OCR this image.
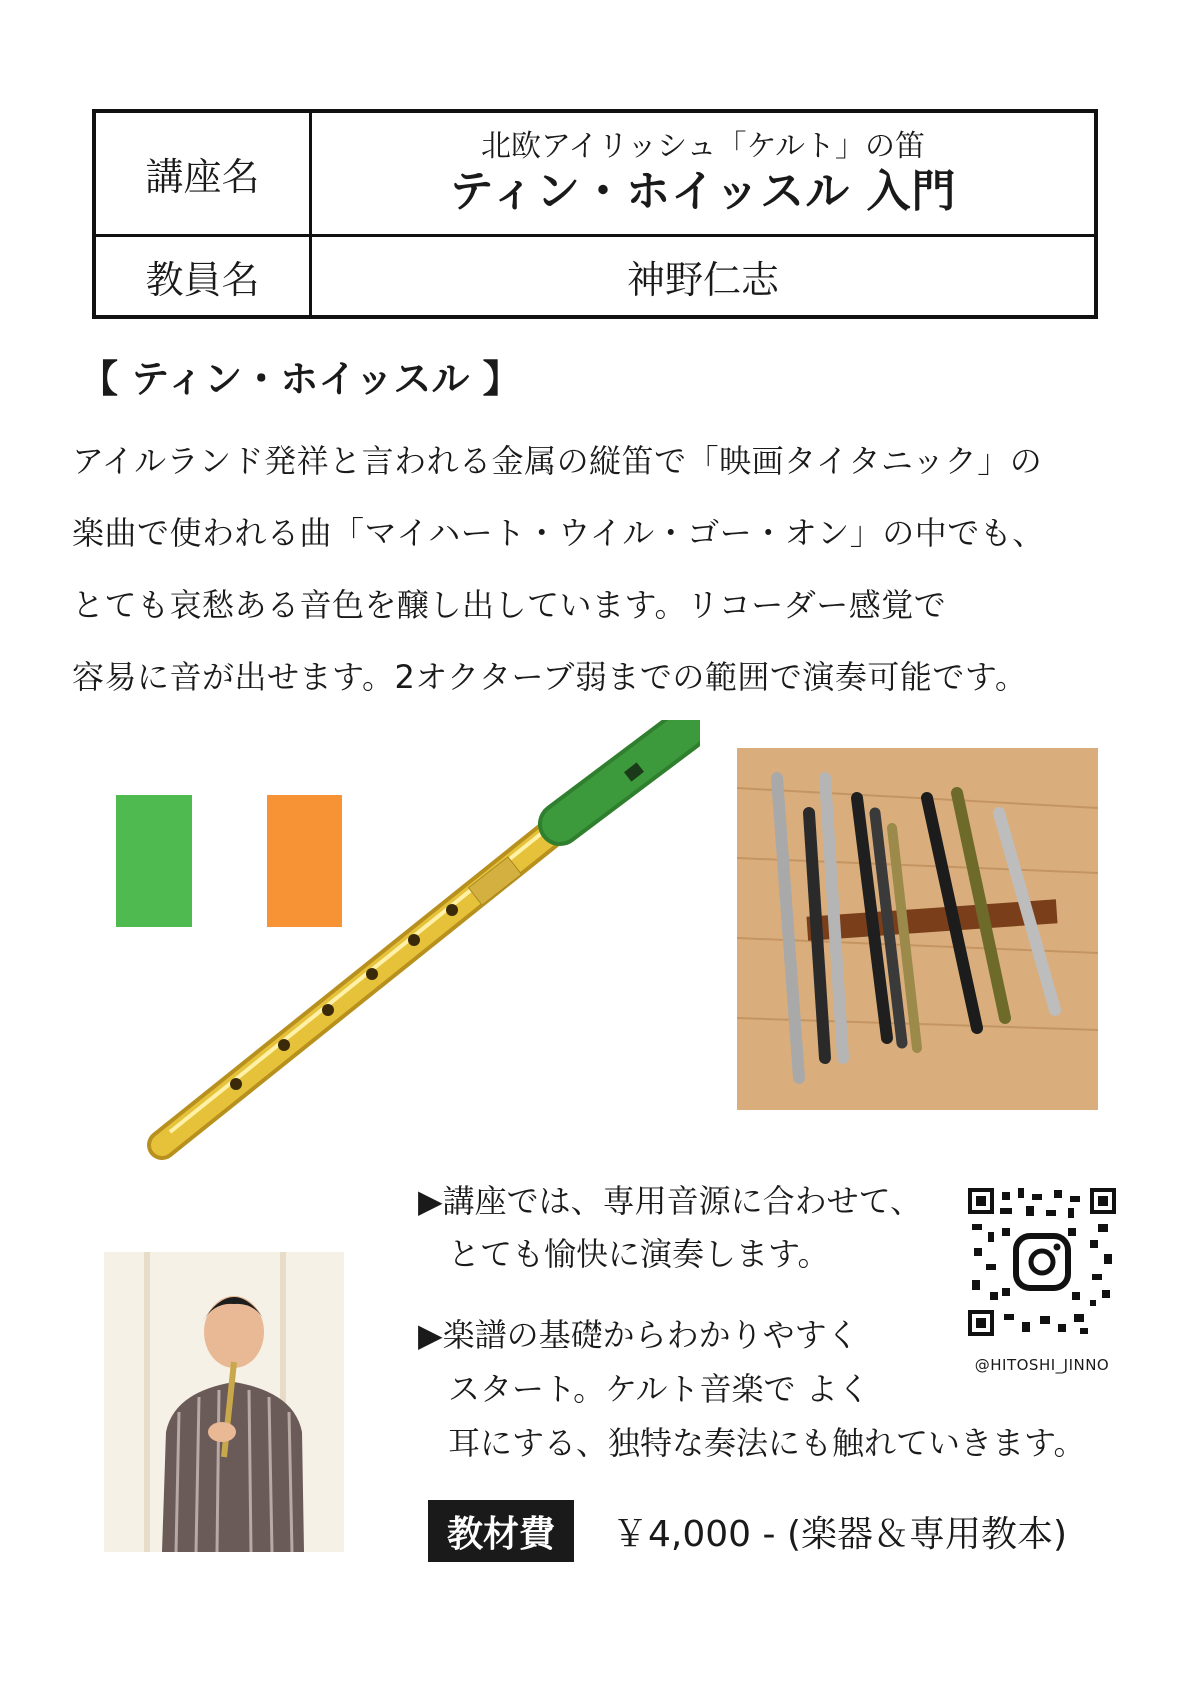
講座名
北欧アイリッシュ「ケルト」の笛
ティン・ホイッスル 入門
教員名	神野仁志
【 ティン・ホイッスル 】
アイルランド発祥と言われる金属の縦笛で「映画タイタニック」の
楽曲で使われる曲「マイハート・ウイル・ゴー・オン」の中でも、
とても哀愁ある音色を醸し出しています。リコーダー感覚で
容易に音が出せます。2オクターブ弱までの範囲で演奏可能です。
▶講座では、専用音源に合わせて、
とても愉快に演奏します。
▶楽譜の基礎からわかりやすく
スタート。ケルト音楽で よく
耳にする、独特な奏法にも触れていきます。
@HITOSHI_JINNO
教材費	￥4,000 - (楽器＆専用教本)
